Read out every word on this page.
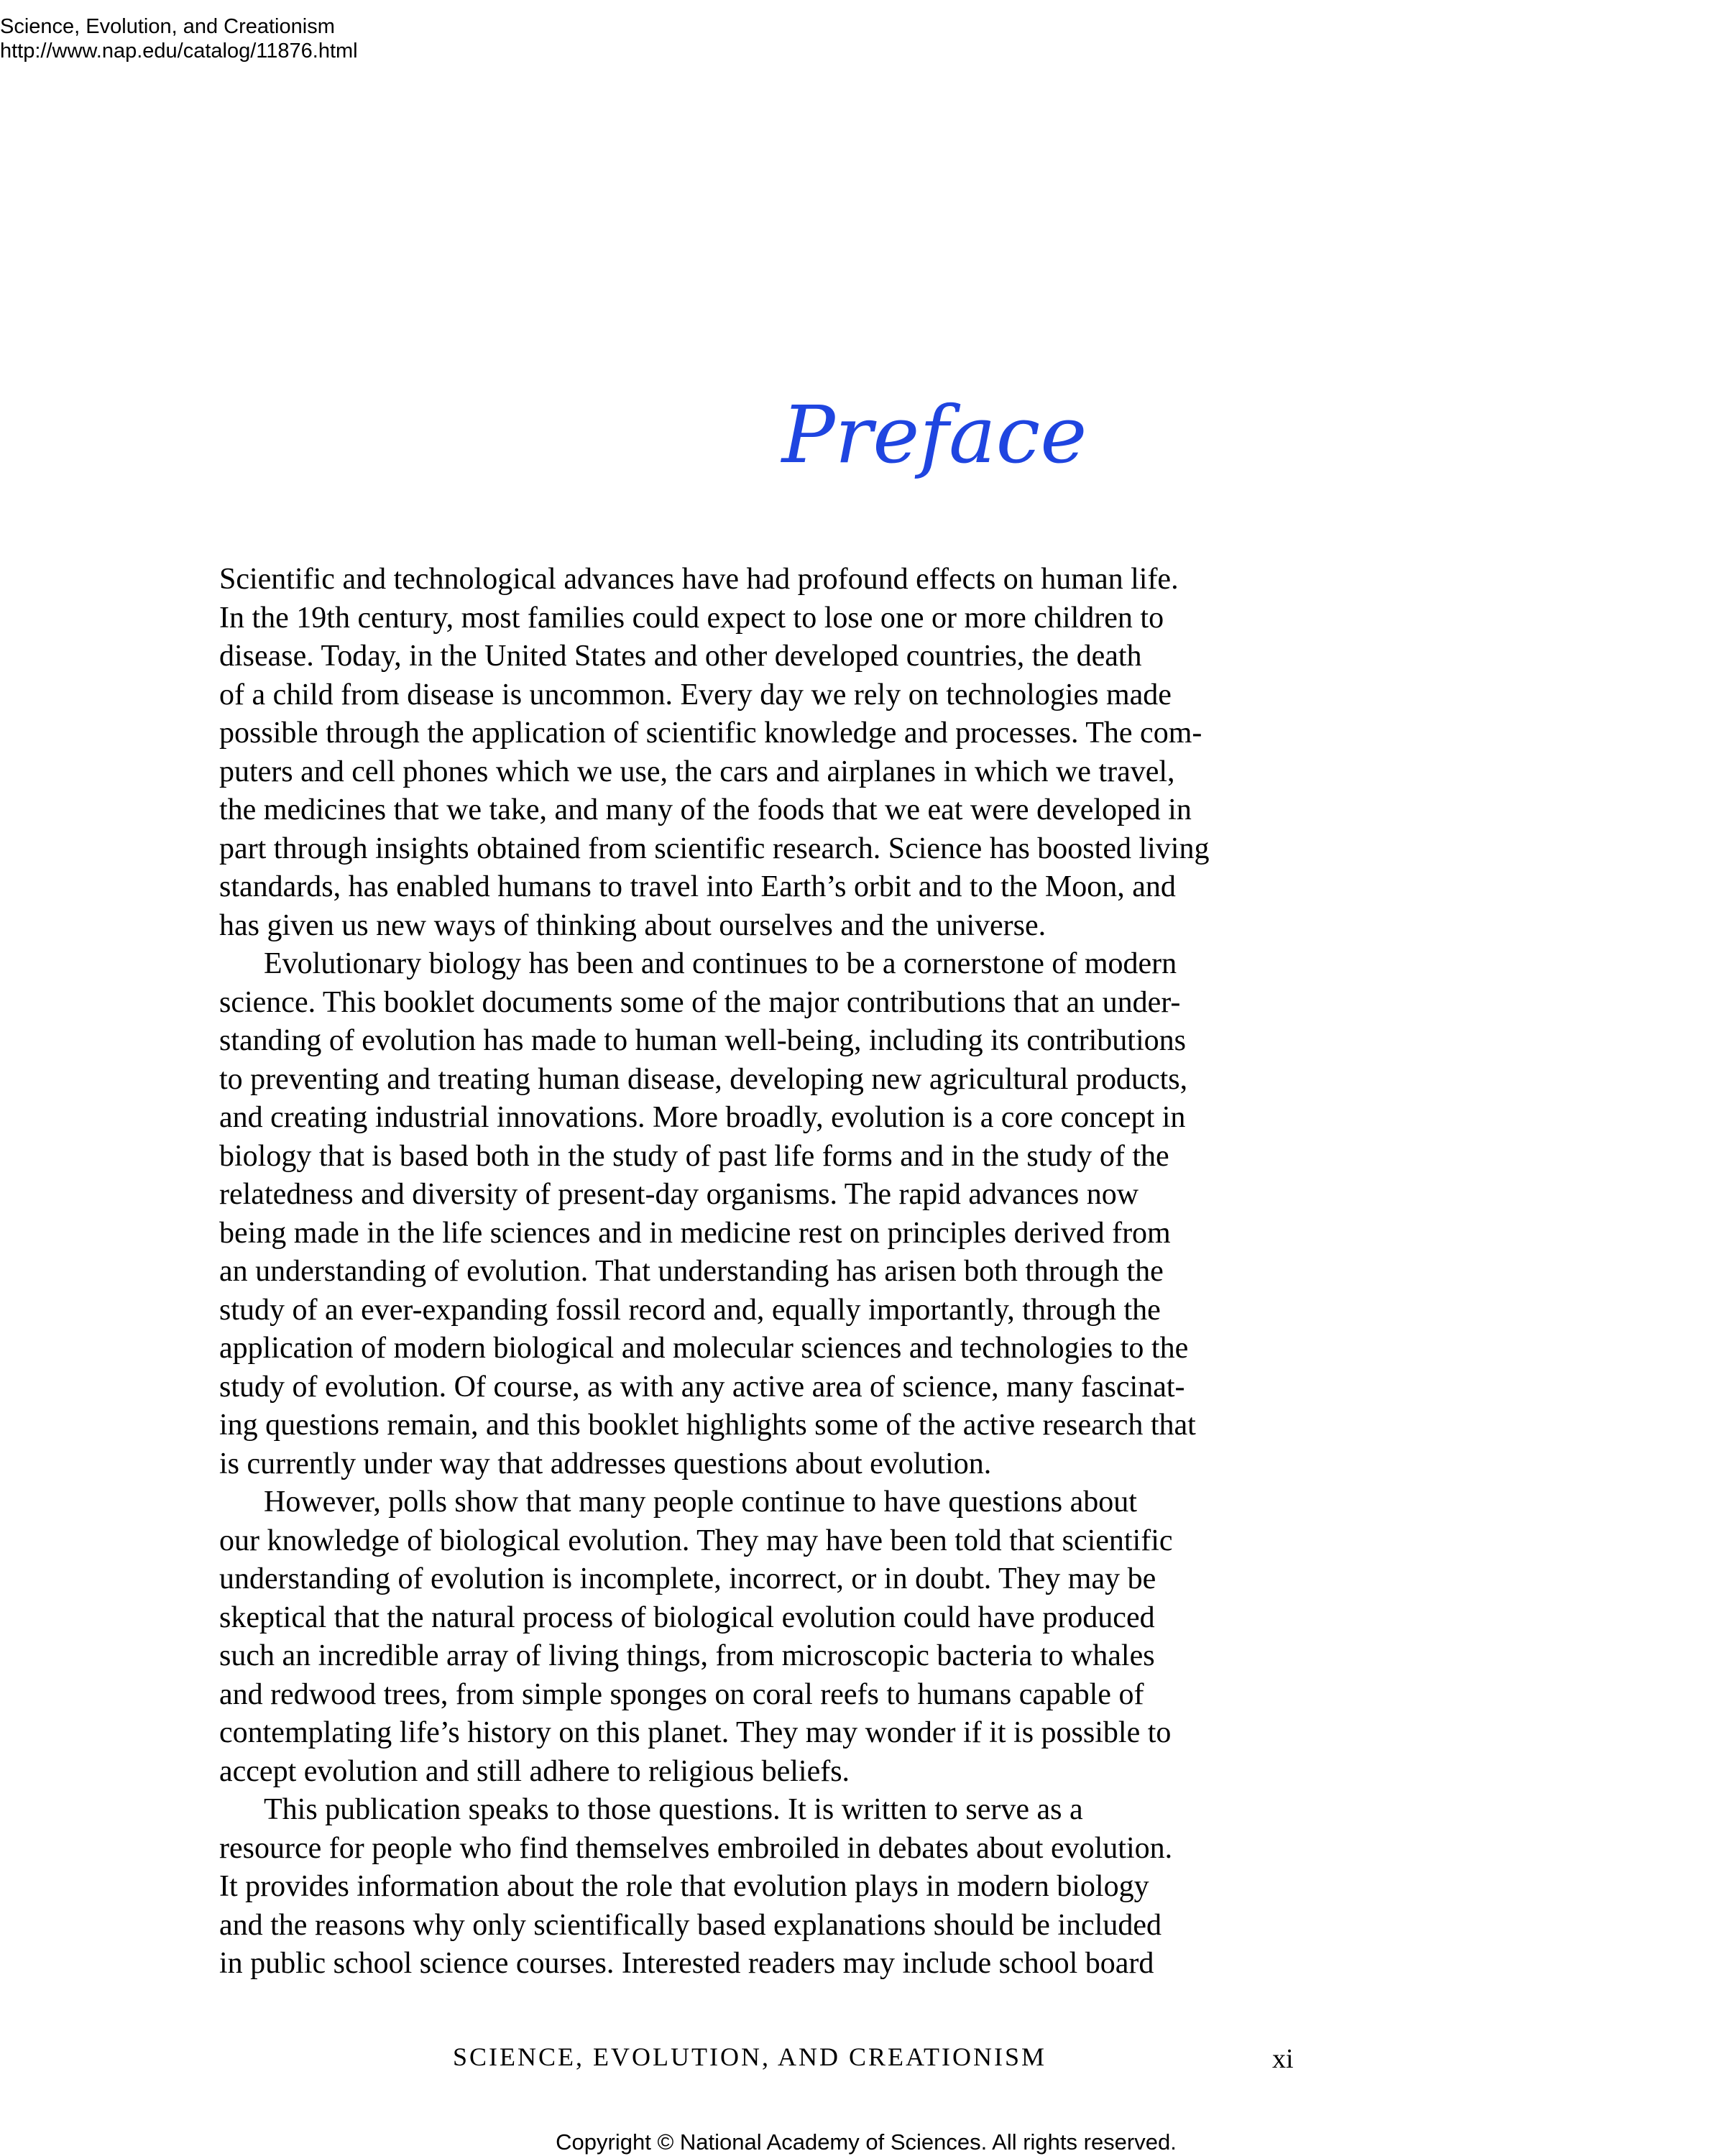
Science, Evolution, and Creationism
http://www.nap.edu/catalog/11876.html
Preface
Scientific and technological advances have had profound effects on human life.
In the 19th century, most families could expect to lose one or more children to
disease. Today, in the United States and other developed countries, the death
of a child from disease is uncommon. Every day we rely on technologies made
possible through the application of scientific knowledge and processes. The com-
puters and cell phones which we use, the cars and airplanes in which we travel,
the medicines that we take, and many of the foods that we eat were developed in
part through insights obtained from scientific research. Science has boosted living
standards, has enabled humans to travel into Earth’s orbit and to the Moon, and
has given us new ways of thinking about ourselves and the universe.
Evolutionary biology has been and continues to be a cornerstone of modern
science. This booklet documents some of the major contributions that an under-
standing of evolution has made to human well-being, including its contributions
to preventing and treating human disease, developing new agricultural products,
and creating industrial innovations. More broadly, evolution is a core concept in
biology that is based both in the study of past life forms and in the study of the
relatedness and diversity of present-day organisms. The rapid advances now
being made in the life sciences and in medicine rest on principles derived from
an understanding of evolution. That understanding has arisen both through the
study of an ever-expanding fossil record and, equally importantly, through the
application of modern biological and molecular sciences and technologies to the
study of evolution. Of course, as with any active area of science, many fascinat-
ing questions remain, and this booklet highlights some of the active research that
is currently under way that addresses questions about evolution.
However, polls show that many people continue to have questions about
our knowledge of biological evolution. They may have been told that scientific
understanding of evolution is incomplete, incorrect, or in doubt. They may be
skeptical that the natural process of biological evolution could have produced
such an incredible array of living things, from microscopic bacteria to whales
and redwood trees, from simple sponges on coral reefs to humans capable of
contemplating life’s history on this planet. They may wonder if it is possible to
accept evolution and still adhere to religious beliefs.
This publication speaks to those questions. It is written to serve as a
resource for people who find themselves embroiled in debates about evolution.
It provides information about the role that evolution plays in modern biology
and the reasons why only scientifically based explanations should be included
in public school science courses. Interested readers may include school board
SCIENCE, EVOLUTION, AND CREATIONISM	xi
Copyright © National Academy of Sciences. All rights reserved.
